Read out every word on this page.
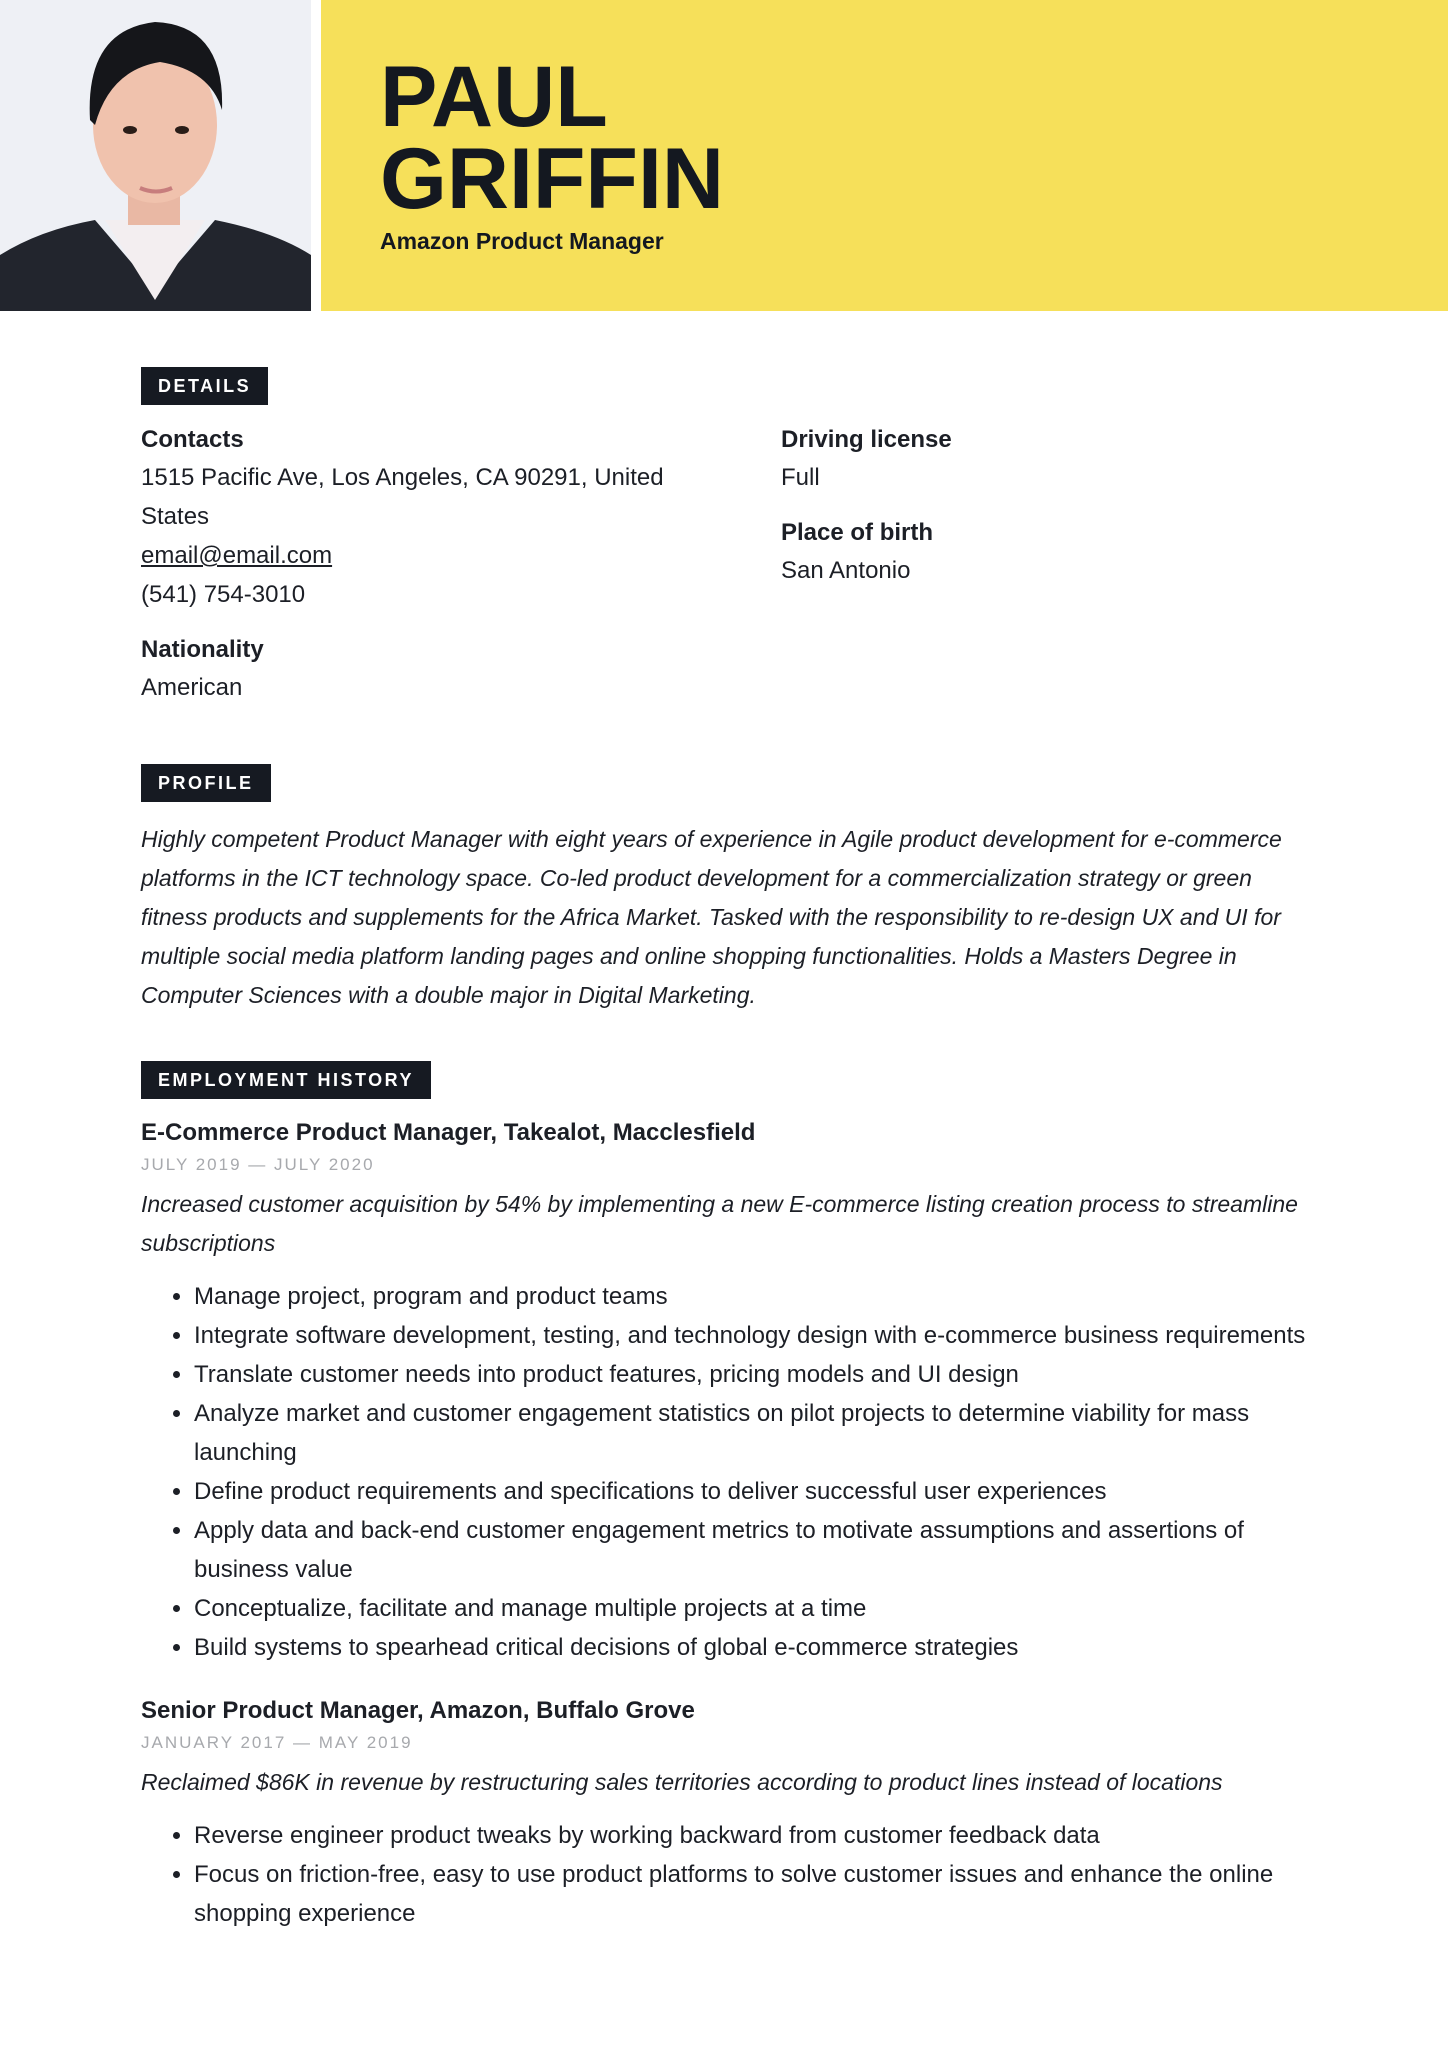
PAUL
GRIFFIN
Amazon Product Manager
DETAILS
Contacts
1515 Pacific Ave, Los Angeles, CA 90291, United States
email@email.com
(541) 754-3010
Nationality
American
Driving license
Full
Place of birth
San Antonio
PROFILE
Highly competent Product Manager with eight years of experience in Agile product development for e-commerce platforms in the ICT technology space. Co-led product development for a commercialization strategy or green fitness products and supplements for the Africa Market. Tasked with the responsibility to re-design UX and UI for multiple social media platform landing pages and online shopping functionalities. Holds a Masters Degree in Computer Sciences with a double major in Digital Marketing.
EMPLOYMENT HISTORY
E-Commerce Product Manager, Takealot, Macclesfield
JULY 2019 — JULY 2020
Increased customer acquisition by 54% by implementing a new E-commerce listing creation process to streamline subscriptions
• Manage project, program and product teams
• Integrate software development, testing, and technology design with e-commerce business requirements
• Translate customer needs into product features, pricing models and UI design
• Analyze market and customer engagement statistics on pilot projects to determine viability for mass launching
• Define product requirements and specifications to deliver successful user experiences
• Apply data and back-end customer engagement metrics to motivate assumptions and assertions of business value
• Conceptualize, facilitate and manage multiple projects at a time
• Build systems to spearhead critical decisions of global e-commerce strategies
Senior Product Manager, Amazon, Buffalo Grove
JANUARY 2017 — MAY 2019
Reclaimed $86K in revenue by restructuring sales territories according to product lines instead of locations
• Reverse engineer product tweaks by working backward from customer feedback data
• Focus on friction-free, easy to use product platforms to solve customer issues and enhance the online shopping experience
